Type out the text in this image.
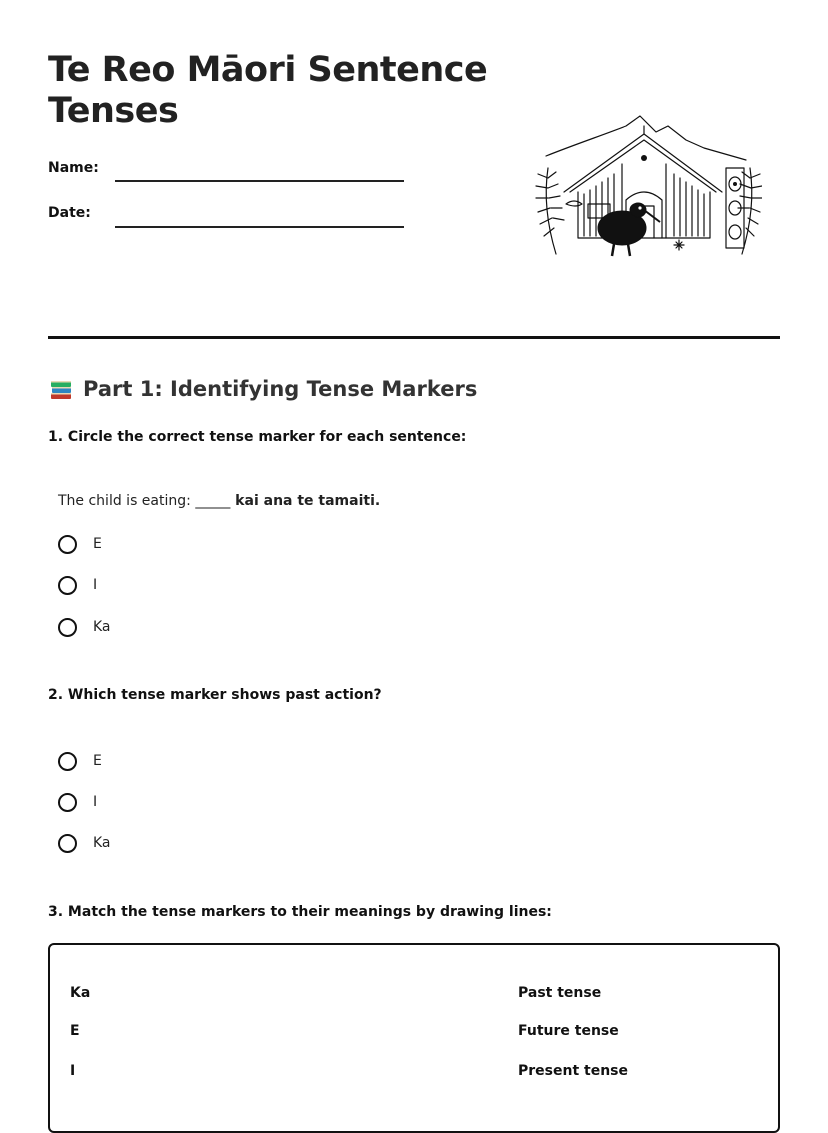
Te Reo Māori Sentence Tenses
Name:
Date:
Part 1: Identifying Tense Markers
1. Circle the correct tense marker for each sentence:
The child is eating: _____ kai ana te tamaiti.
E
I
Ka
2. Which tense marker shows past action?
E
I
Ka
3. Match the tense markers to their meanings by drawing lines:
Ka
E
I
Past tense
Future tense
Present tense
